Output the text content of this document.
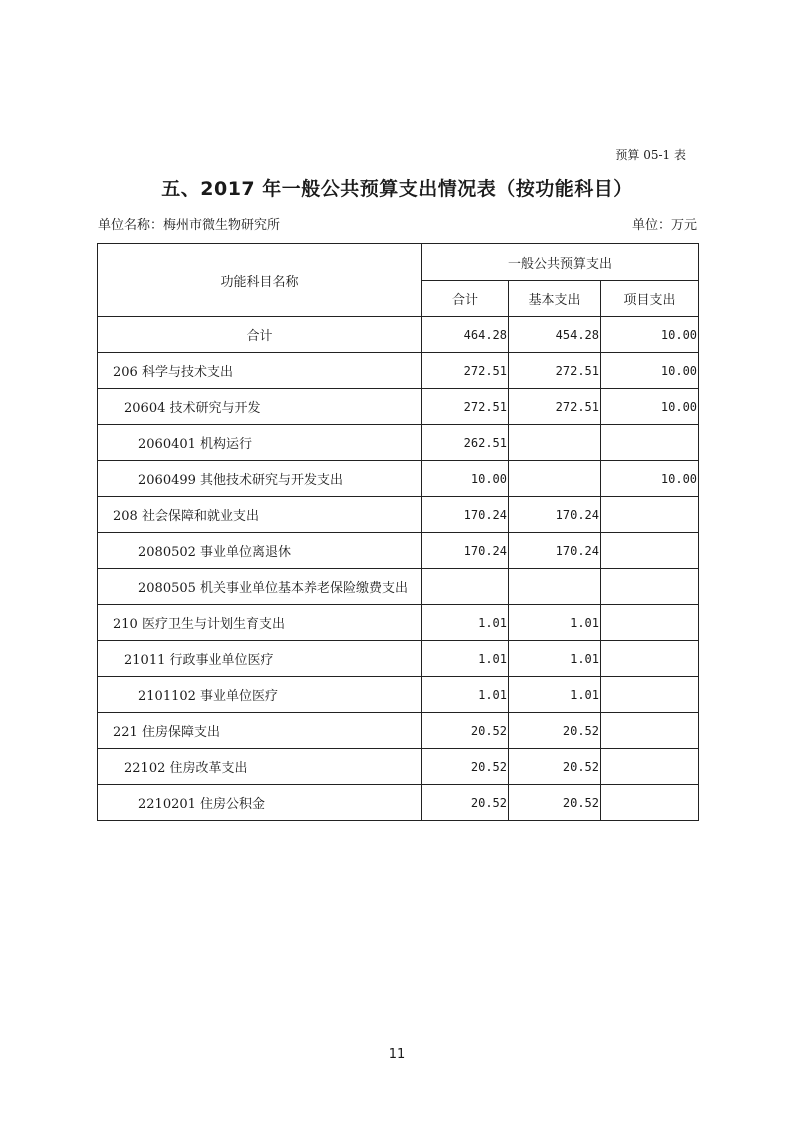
预算 05-1 表
五、2017 年一般公共预算支出情况表（按功能科目）
单位名称：梅州市微生物研究所	单位：万元
功能科目名称	一般公共预算支出		
	合计	基本支出	项目支出
合计	464.28	454.28	10.00
206 科学与技术支出	272.51	272.51	10.00
20604 技术研究与开发	272.51	272.51	10.00
2060401 机构运行	262.51		
2060499 其他技术研究与开发支出	10.00		10.00
208 社会保障和就业支出	170.24	170.24	
2080502 事业单位离退休	170.24	170.24	
2080505 机关事业单位基本养老保险缴费支出			
210 医疗卫生与计划生育支出	1.01	1.01	
21011 行政事业单位医疗	1.01	1.01	
2101102 事业单位医疗	1.01	1.01	
221 住房保障支出	20.52	20.52	
22102 住房改革支出	20.52	20.52	
2210201 住房公积金	20.52	20.52	
11
